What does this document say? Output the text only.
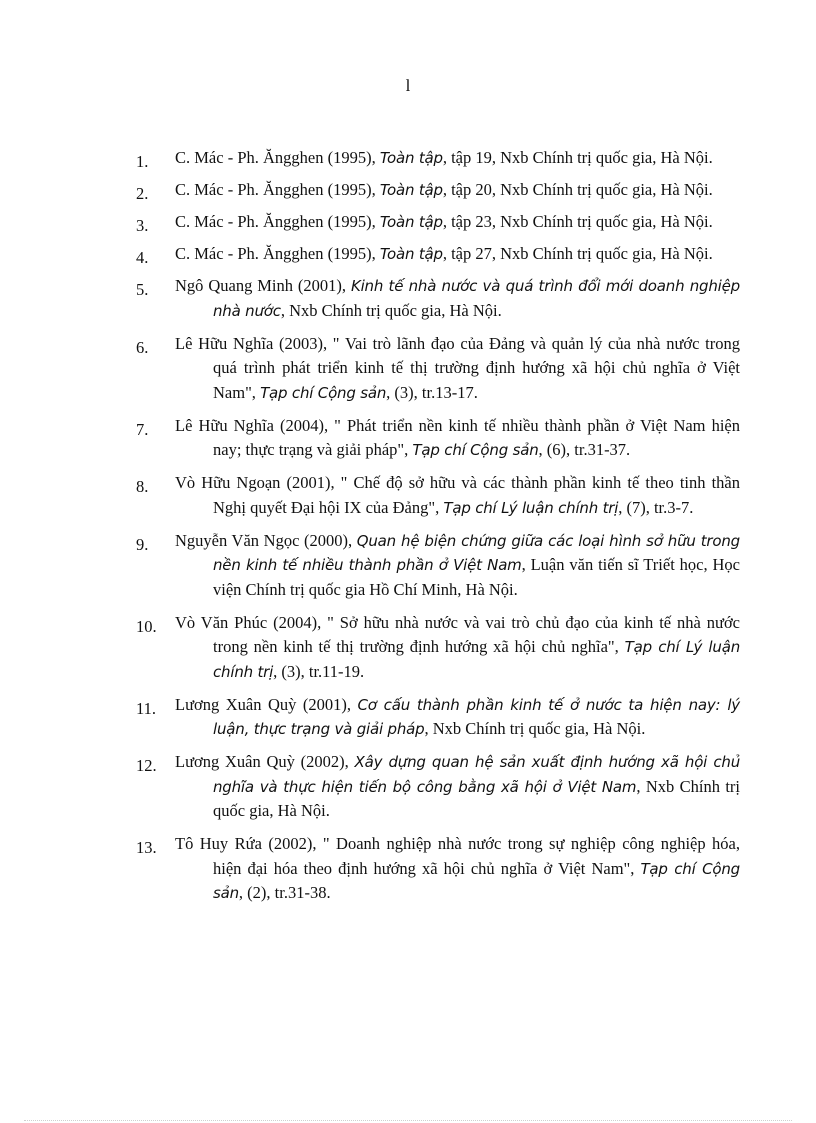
l
1. C. Mác - Ph. Ăngghen (1995), Toàn tập, tập 19, Nxb Chính trị quốc gia, Hà Nội.
2. C. Mác - Ph. Ăngghen (1995), Toàn tập, tập 20, Nxb Chính trị quốc gia, Hà Nội.
3. C. Mác - Ph. Ăngghen (1995), Toàn tập, tập 23, Nxb Chính trị quốc gia, Hà Nội.
4. C. Mác - Ph. Ăngghen (1995), Toàn tập, tập 27, Nxb Chính trị quốc gia, Hà Nội.
5. Ngô Quang Minh (2001), Kinh tế nhà nước và quá trình đổi mới doanh nghiệp nhà nước, Nxb Chính trị quốc gia, Hà Nội.
6. Lê Hữu Nghĩa (2003), " Vai trò lãnh đạo của Đảng và quản lý của nhà nước trong quá trình phát triển kinh tế thị trường định hướng xã hội chủ nghĩa ở Việt Nam", Tạp chí Cộng sản, (3), tr.13-17.
7. Lê Hữu Nghĩa (2004), " Phát triển nền kinh tế nhiều thành phần ở Việt Nam hiện nay; thực trạng và giải pháp", Tạp chí Cộng sản, (6), tr.31-37.
8. Vò Hữu Ngoạn (2001), " Chế độ sở hữu và các thành phần kinh tế theo tinh thần Nghị quyết Đại hội IX của Đảng", Tạp chí Lý luận chính trị, (7), tr.3-7.
9. Nguyễn Văn Ngọc (2000), Quan hệ biện chứng giữa các loại hình sở hữu trong nền kinh tế nhiều thành phần ở Việt Nam, Luận văn tiến sĩ Triết học, Học viện Chính trị quốc gia Hồ Chí Minh, Hà Nội.
10. Vò Văn Phúc (2004), " Sở hữu nhà nước và vai trò chủ đạo của kinh tế nhà nước trong nền kinh tế thị trường định hướng xã hội chủ nghĩa", Tạp chí Lý luận chính trị, (3), tr.11-19.
11. Lương Xuân Quỳ (2001), Cơ cấu thành phần kinh tế ở nước ta hiện nay: lý luận, thực trạng và giải pháp, Nxb Chính trị quốc gia, Hà Nội.
12. Lương Xuân Quỳ (2002), Xây dựng quan hệ sản xuất định hướng xã hội chủ nghĩa và thực hiện tiến bộ công bằng xã hội ở Việt Nam, Nxb Chính trị quốc gia, Hà Nội.
13. Tô Huy Rứa (2002), " Doanh nghiệp nhà nước trong sự nghiệp công nghiệp hóa, hiện đại hóa theo định hướng xã hội chủ nghĩa ở Việt Nam", Tạp chí Cộng sản, (2), tr.31-38.
